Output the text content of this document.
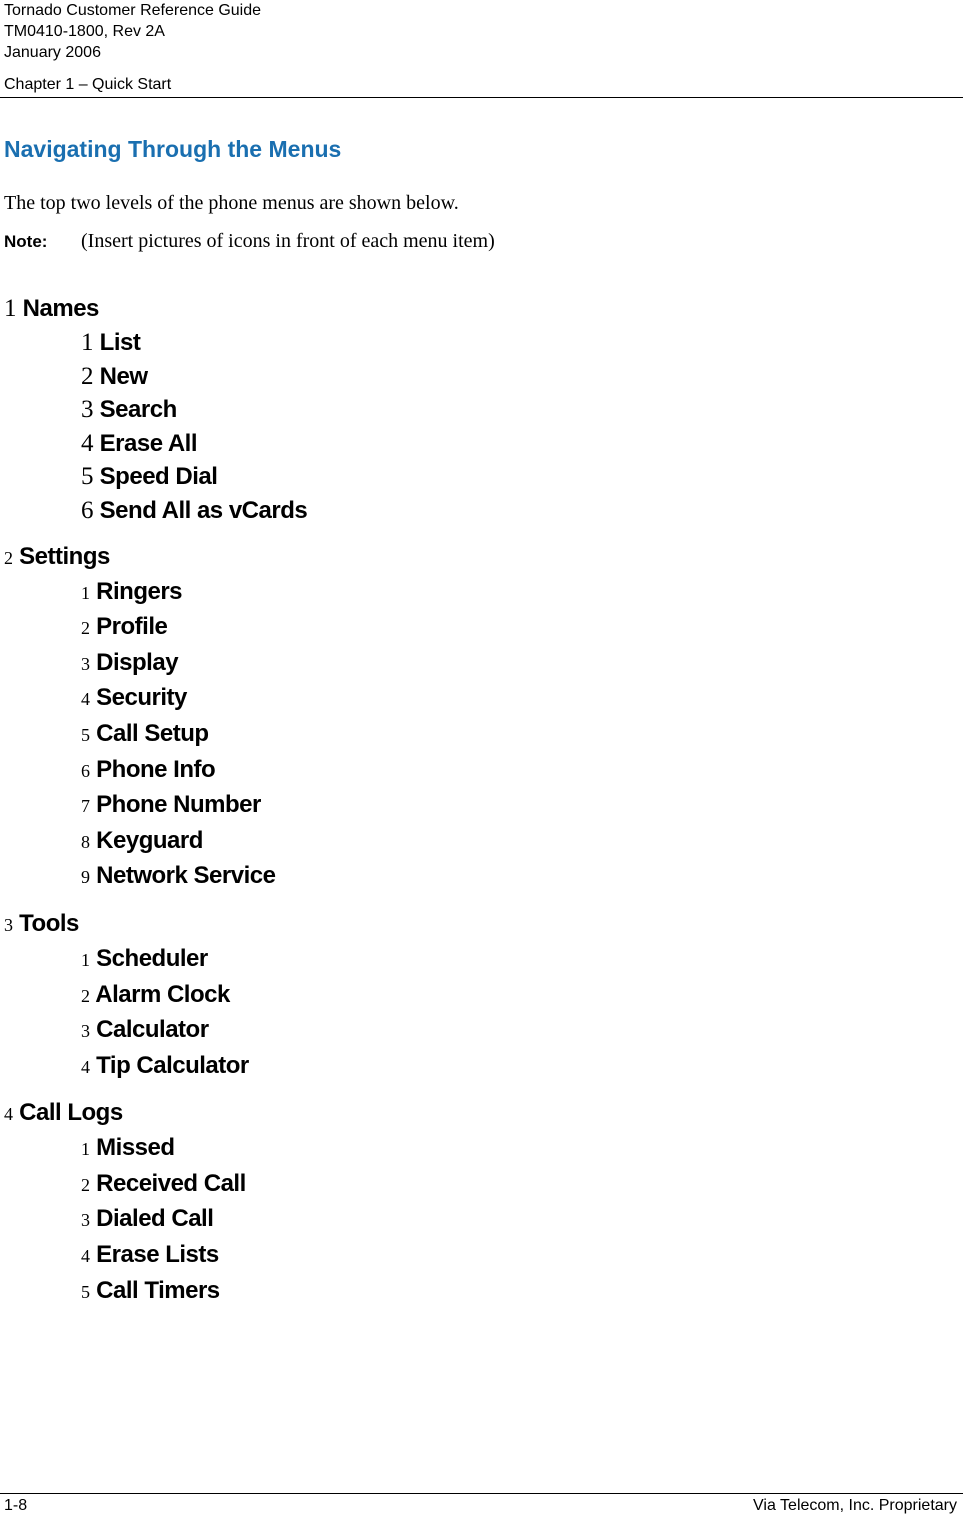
Tornado Customer Reference Guide
TM0410-1800, Rev 2A
January 2006
Chapter 1 – Quick Start
Navigating Through the Menus
The top two levels of the phone menus are shown below.
Note: (Insert pictures of icons in front of each menu item)
1 Names
1 List
2 New
3 Search
4 Erase All
5 Speed Dial
6 Send All as vCards
2 Settings
1 Ringers
2 Profile
3 Display
4 Security
5 Call Setup
6 Phone Info
7 Phone Number
8 Keyguard
9 Network Service
3 Tools
1 Scheduler
2 Alarm Clock
3 Calculator
4 Tip Calculator
4 Call Logs
1 Missed
2 Received Call
3 Dialed Call
4 Erase Lists
5 Call Timers
1-8	Via Telecom, Inc. Proprietary
